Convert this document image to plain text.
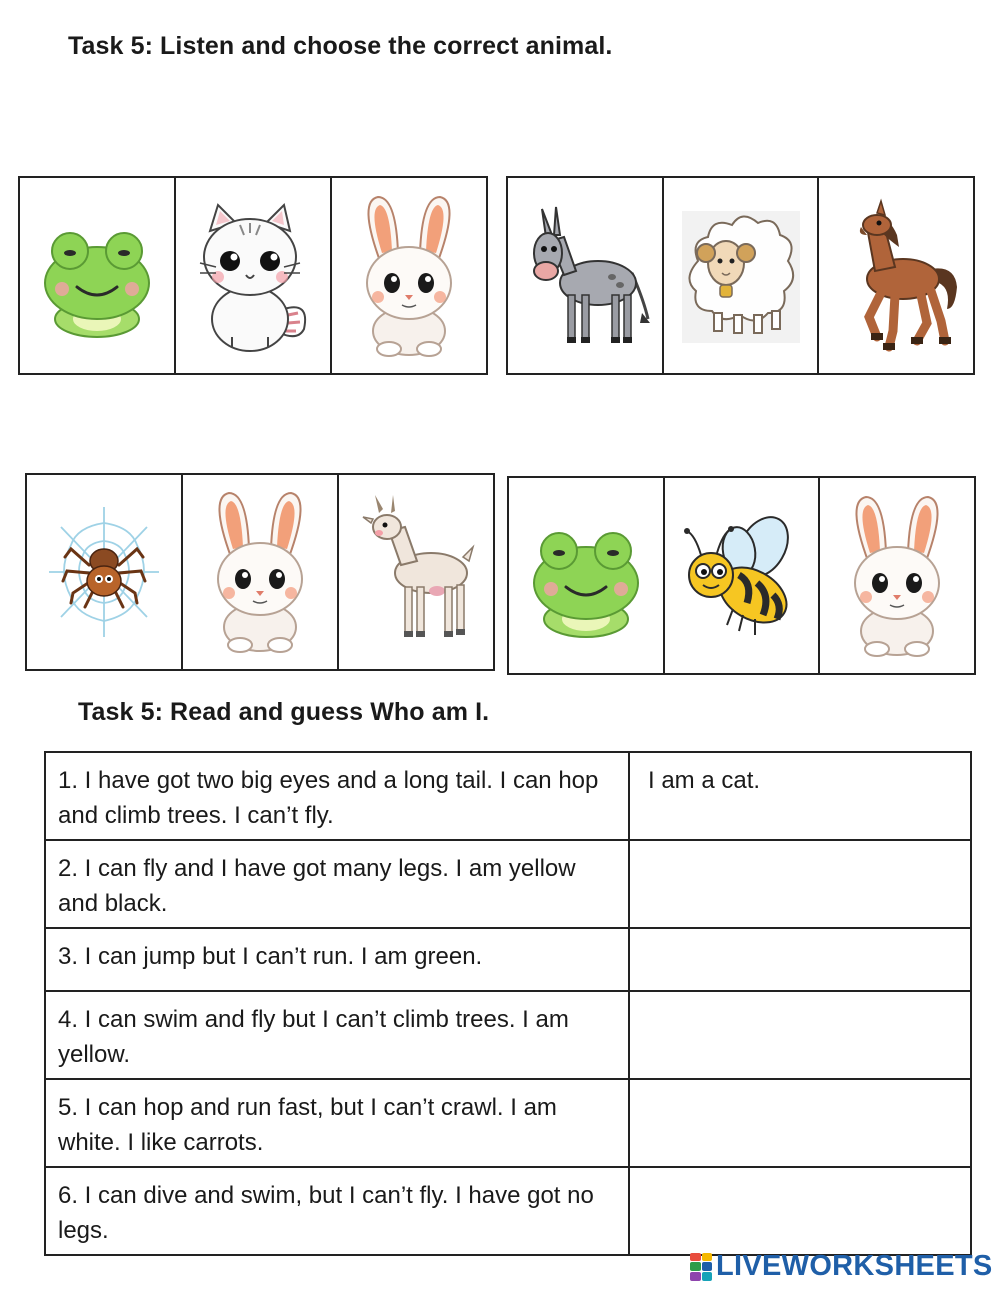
Task 5: Listen and choose the correct animal.
Task 5: Read and guess Who am I.
1. I have got two big eyes and a long tail. I can hop and climb trees. I can’t fly.	I am a cat.
2. I can fly and I have got many legs. I am yellow and black.	
3. I can jump but I can’t run. I am green.	
4. I can swim and fly but I can’t climb trees. I am yellow.	
5. I can hop and run fast, but I can’t crawl. I am white. I like carrots.	
6. I can dive and swim, but I can’t fly. I have got no legs.	
LIVEWORKSHEETS
